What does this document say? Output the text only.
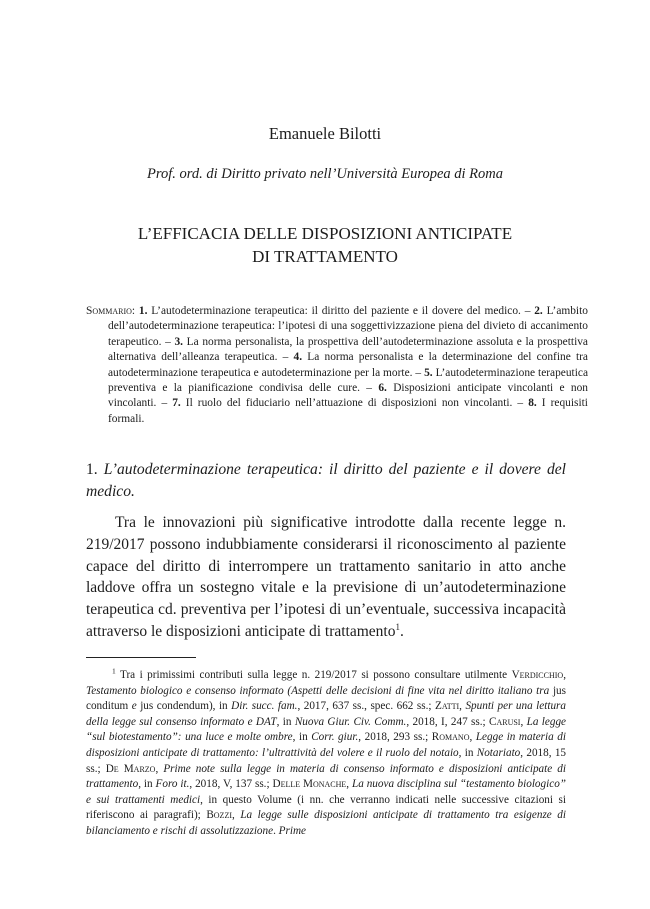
Emanuele Bilotti
Prof. ord. di Diritto privato nell’Università Europea di Roma
L’EFFICACIA DELLE DISPOSIZIONI ANTICIPATE
DI TRATTAMENTO
Sommario: 1. L’autodeterminazione terapeutica: il diritto del paziente e il dovere del medico. – 2. L’ambito dell’autodeterminazione terapeutica: l’ipotesi di una soggettivizzazione piena del divieto di accanimento terapeutico. – 3. La norma personalista, la prospettiva dell’autodeterminazione assoluta e la prospettiva alternativa dell’alleanza terapeutica. – 4. La norma personalista e la determinazione del confine tra autodeterminazione terapeutica e autodeterminazione per la morte. – 5. L’autodeterminazione terapeutica preventiva e la pianificazione condivisa delle cure. – 6. Disposizioni anticipate vincolanti e non vincolanti. – 7. Il ruolo del fiduciario nell’attuazione di disposizioni non vincolanti. – 8. I requisiti formali.
1. L’autodeterminazione terapeutica: il diritto del paziente e il dovere del medico.
Tra le innovazioni più significative introdotte dalla recente legge n. 219/2017 possono indubbiamente considerarsi il riconoscimento al paziente capace del diritto di interrompere un trattamento sanitario in atto anche laddove offra un sostegno vitale e la previsione di un’autodeterminazione terapeutica cd. preventiva per l’ipotesi di un’eventuale, successiva incapacità attraverso le disposizioni anticipate di trattamento$^1$.
$^1$ Tra i primissimi contributi sulla legge n. 219/2017 si possono consultare utilmente Verdicchio, Testamento biologico e consenso informato (Aspetti delle decisioni di fine vita nel diritto italiano tra jus conditum e jus condendum), in Dir. succ. fam., 2017, 637 ss., spec. 662 ss.; Zatti, Spunti per una lettura della legge sul consenso informato e DAT, in Nuova Giur. Civ. Comm., 2018, I, 247 ss.; Carusi, La legge “sul biotestamento”: una luce e molte ombre, in Corr. giur., 2018, 293 ss.; Romano, Legge in materia di disposizioni anticipate di trattamento: l’ultrattività del volere e il ruolo del notaio, in Notariato, 2018, 15 ss.; De Marzo, Prime note sulla legge in materia di consenso informato e disposizioni anticipate di trattamento, in Foro it., 2018, V, 137 ss.; Delle Monache, La nuova disciplina sul “testamento biologico” e sui trattamenti medici, in questo Volume (i nn. che verranno indicati nelle successive citazioni si riferiscono ai paragrafi); Bozzi, La legge sulle disposizioni anticipate di trattamento tra esigenze di bilanciamento e rischi di assolutizzazione. Prime
